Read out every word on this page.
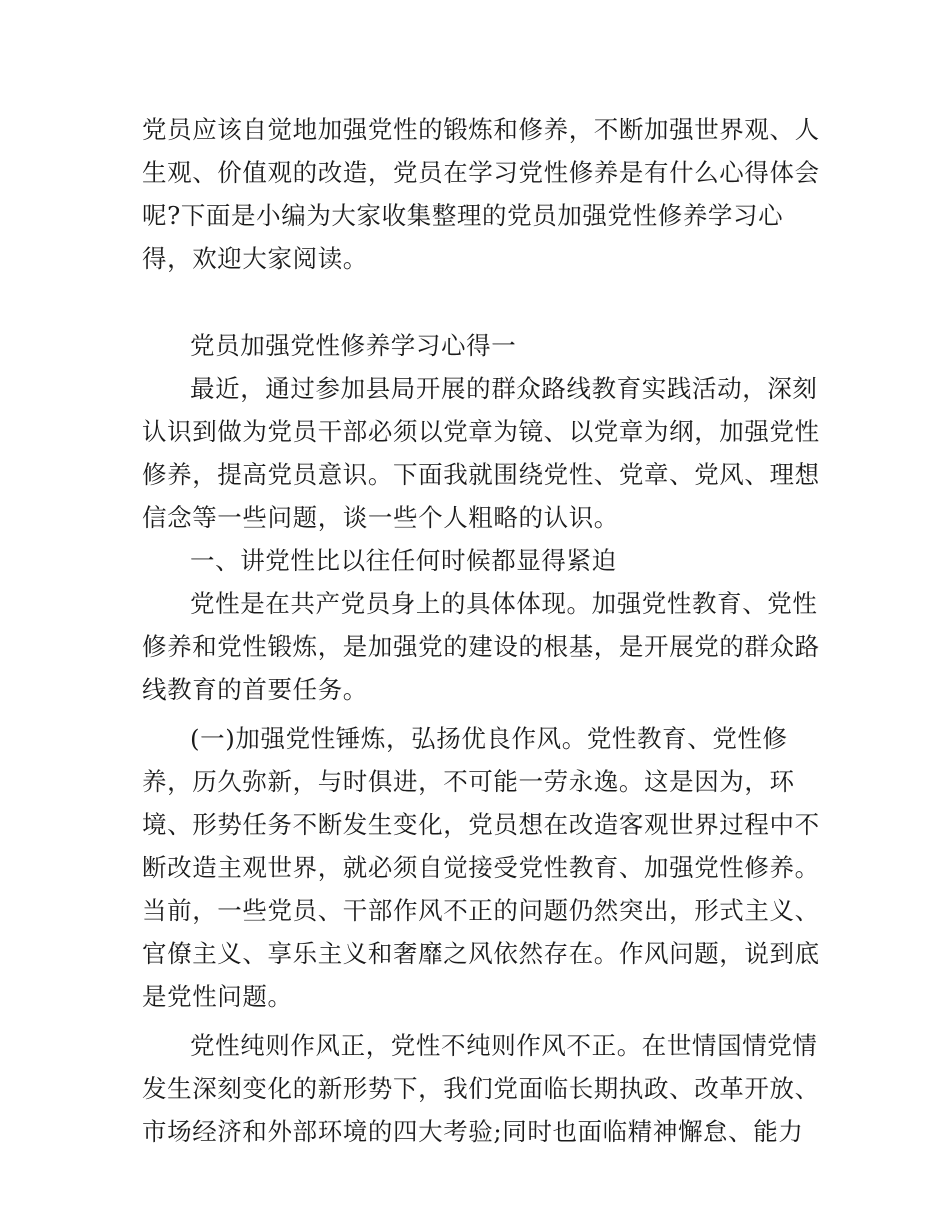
党员应该自觉地加强党性的锻炼和修养，不断加强世界观、人
生观、价值观的改造，党员在学习党性修养是有什么心得体会
呢?下面是小编为大家收集整理的党员加强党性修养学习心
得，欢迎大家阅读。
党员加强党性修养学习心得一
最近，通过参加县局开展的群众路线教育实践活动，深刻
认识到做为党员干部必须以党章为镜、以党章为纲，加强党性
修养，提高党员意识。下面我就围绕党性、党章、党风、理想
信念等一些问题，谈一些个人粗略的认识。
一、讲党性比以往任何时候都显得紧迫
党性是在共产党员身上的具体体现。加强党性教育、党性
修养和党性锻炼，是加强党的建设的根基，是开展党的群众路
线教育的首要任务。
(一)加强党性锤炼，弘扬优良作风。党性教育、党性修
养，历久弥新，与时俱进，不可能一劳永逸。这是因为，环
境、形势任务不断发生变化，党员想在改造客观世界过程中不
断改造主观世界，就必须自觉接受党性教育、加强党性修养。
当前，一些党员、干部作风不正的问题仍然突出，形式主义、
官僚主义、享乐主义和奢靡之风依然存在。作风问题，说到底
是党性问题。
党性纯则作风正，党性不纯则作风不正。在世情国情党情
发生深刻变化的新形势下，我们党面临长期执政、改革开放、
市场经济和外部环境的四大考验;同时也面临精神懈怠、能力
